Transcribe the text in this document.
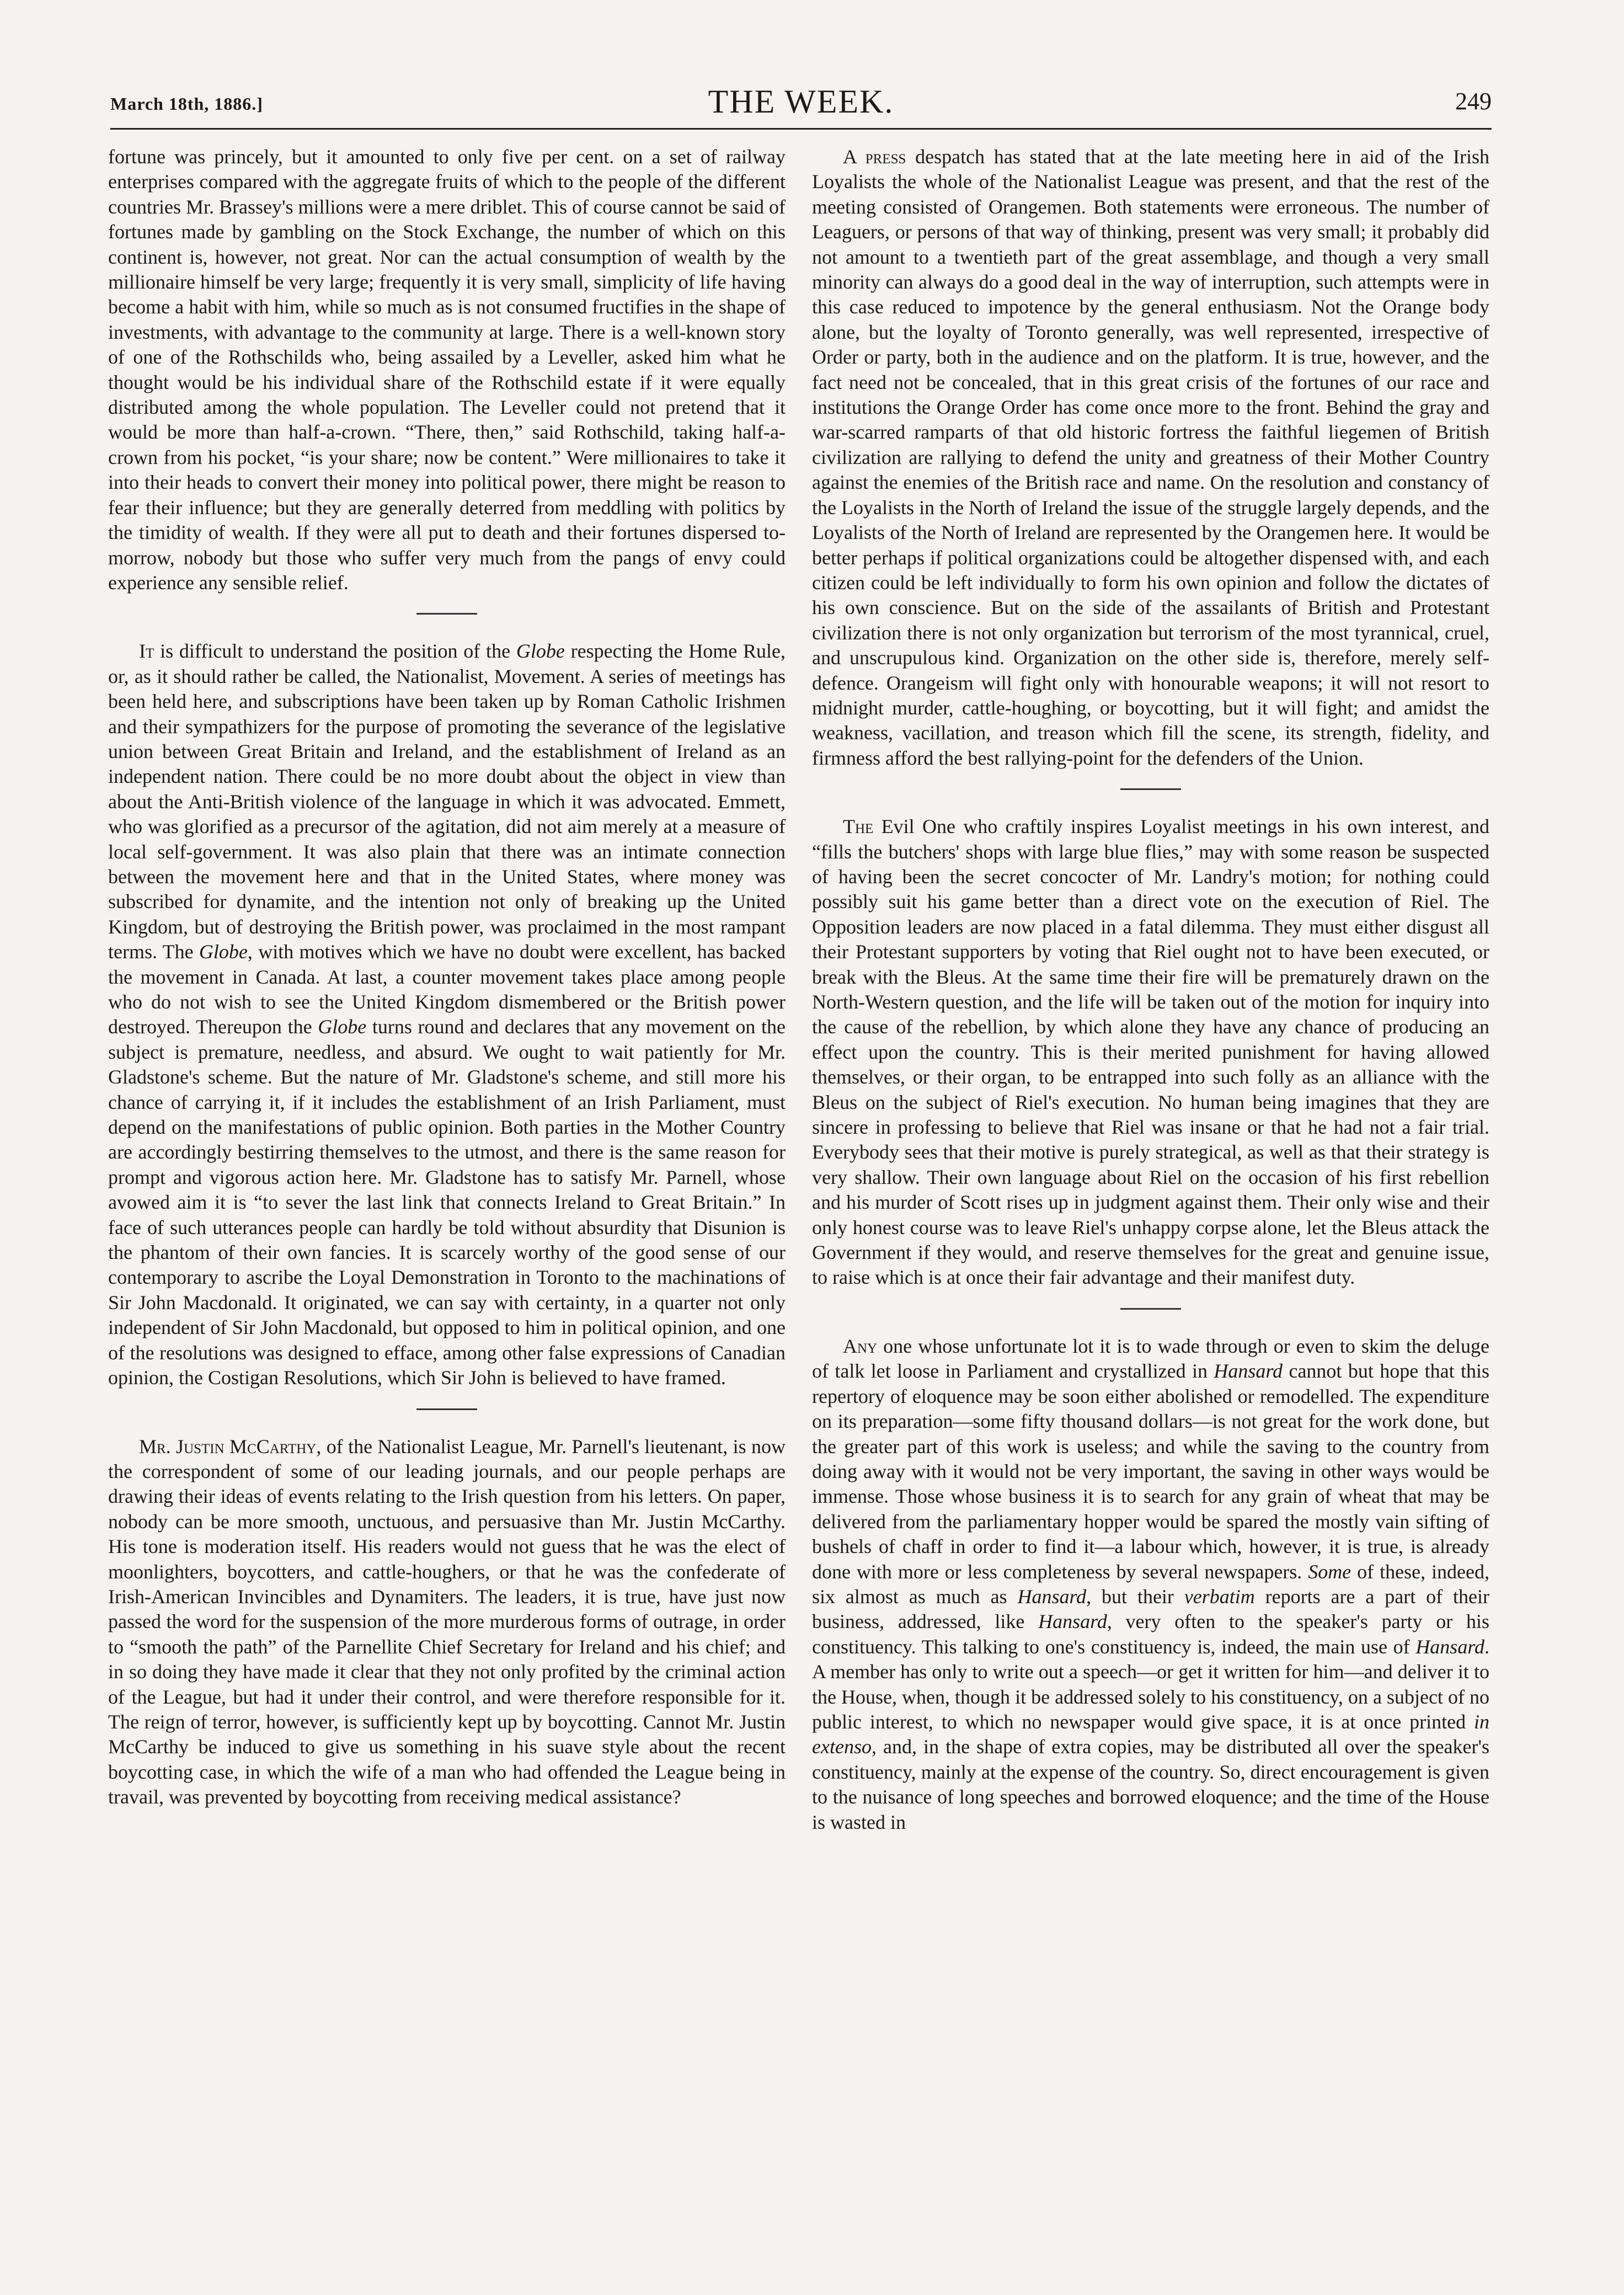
March 18th, 1886.]	THE WEEK.	249

fortune was princely, but it amounted to only five per cent. on a set of railway enterprises compared with the aggregate fruits of which to the people of the different countries Mr. Brassey's millions were a mere driblet. This of course cannot be said of fortunes made by gambling on the Stock Exchange, the number of which on this continent is, however, not great. Nor can the actual consumption of wealth by the millionaire himself be very large; frequently it is very small, simplicity of life having become a habit with him, while so much as is not consumed fructifies in the shape of investments, with advantage to the community at large. There is a well-known story of one of the Rothschilds who, being assailed by a Leveller, asked him what he thought would be his individual share of the Rothschild estate if it were equally distributed among the whole population. The Leveller could not pretend that it would be more than half-a-crown. “There, then,” said Rothschild, taking half-a-crown from his pocket, “is your share; now be content.” Were millionaires to take it into their heads to convert their money into political power, there might be reason to fear their influence; but they are generally deterred from meddling with politics by the timidity of wealth. If they were all put to death and their fortunes dispersed to-morrow, nobody but those who suffer very much from the pangs of envy could experience any sensible relief.

It is difficult to understand the position of the Globe respecting the Home Rule, or, as it should rather be called, the Nationalist, Movement. A series of meetings has been held here, and subscriptions have been taken up by Roman Catholic Irishmen and their sympathizers for the purpose of promoting the severance of the legislative union between Great Britain and Ireland, and the establishment of Ireland as an independent nation. There could be no more doubt about the object in view than about the Anti-British violence of the language in which it was advocated. Emmett, who was glorified as a precursor of the agitation, did not aim merely at a measure of local self-government. It was also plain that there was an intimate connection between the movement here and that in the United States, where money was subscribed for dynamite, and the intention not only of breaking up the United Kingdom, but of destroying the British power, was proclaimed in the most rampant terms. The Globe, with motives which we have no doubt were excellent, has backed the movement in Canada. At last, a counter movement takes place among people who do not wish to see the United Kingdom dismembered or the British power destroyed. Thereupon the Globe turns round and declares that any movement on the subject is premature, needless, and absurd. We ought to wait patiently for Mr. Gladstone's scheme. But the nature of Mr. Gladstone's scheme, and still more his chance of carrying it, if it includes the establishment of an Irish Parliament, must depend on the manifestations of public opinion. Both parties in the Mother Country are accordingly bestirring themselves to the utmost, and there is the same reason for prompt and vigorous action here. Mr. Gladstone has to satisfy Mr. Parnell, whose avowed aim it is “to sever the last link that connects Ireland to Great Britain.” In face of such utterances people can hardly be told without absurdity that Disunion is the phantom of their own fancies. It is scarcely worthy of the good sense of our contemporary to ascribe the Loyal Demonstration in Toronto to the machinations of Sir John Macdonald. It originated, we can say with certainty, in a quarter not only independent of Sir John Macdonald, but opposed to him in political opinion, and one of the resolutions was designed to efface, among other false expressions of Canadian opinion, the Costigan Resolutions, which Sir John is believed to have framed.

Mr. Justin McCarthy, of the Nationalist League, Mr. Parnell's lieutenant, is now the correspondent of some of our leading journals, and our people perhaps are drawing their ideas of events relating to the Irish question from his letters. On paper, nobody can be more smooth, unctuous, and persuasive than Mr. Justin McCarthy. His tone is moderation itself. His readers would not guess that he was the elect of moonlighters, boycotters, and cattle-houghers, or that he was the confederate of Irish-American Invincibles and Dynamiters. The leaders, it is true, have just now passed the word for the suspension of the more murderous forms of outrage, in order to “smooth the path” of the Parnellite Chief Secretary for Ireland and his chief; and in so doing they have made it clear that they not only profited by the criminal action of the League, but had it under their control, and were therefore responsible for it. The reign of terror, however, is sufficiently kept up by boycotting. Cannot Mr. Justin McCarthy be induced to give us something in his suave style about the recent boycotting case, in which the wife of a man who had offended the League being in travail, was prevented by boycotting from receiving medical assistance?

A press despatch has stated that at the late meeting here in aid of the Irish Loyalists the whole of the Nationalist League was present, and that the rest of the meeting consisted of Orangemen. Both statements were erroneous. The number of Leaguers, or persons of that way of thinking, present was very small; it probably did not amount to a twentieth part of the great assemblage, and though a very small minority can always do a good deal in the way of interruption, such attempts were in this case reduced to impotence by the general enthusiasm. Not the Orange body alone, but the loyalty of Toronto generally, was well represented, irrespective of Order or party, both in the audience and on the platform. It is true, however, and the fact need not be concealed, that in this great crisis of the fortunes of our race and institutions the Orange Order has come once more to the front. Behind the gray and war-scarred ramparts of that old historic fortress the faithful liegemen of British civilization are rallying to defend the unity and greatness of their Mother Country against the enemies of the British race and name. On the resolution and constancy of the Loyalists in the North of Ireland the issue of the struggle largely depends, and the Loyalists of the North of Ireland are represented by the Orangemen here. It would be better perhaps if political organizations could be altogether dispensed with, and each citizen could be left individually to form his own opinion and follow the dictates of his own conscience. But on the side of the assailants of British and Protestant civilization there is not only organization but terrorism of the most tyrannical, cruel, and unscrupulous kind. Organization on the other side is, therefore, merely self-defence. Orangeism will fight only with honourable weapons; it will not resort to midnight murder, cattle-houghing, or boycotting, but it will fight; and amidst the weakness, vacillation, and treason which fill the scene, its strength, fidelity, and firmness afford the best rallying-point for the defenders of the Union.

The Evil One who craftily inspires Loyalist meetings in his own interest, and “fills the butchers' shops with large blue flies,” may with some reason be suspected of having been the secret concocter of Mr. Landry's motion; for nothing could possibly suit his game better than a direct vote on the execution of Riel. The Opposition leaders are now placed in a fatal dilemma. They must either disgust all their Protestant supporters by voting that Riel ought not to have been executed, or break with the Bleus. At the same time their fire will be prematurely drawn on the North-Western question, and the life will be taken out of the motion for inquiry into the cause of the rebellion, by which alone they have any chance of producing an effect upon the country. This is their merited punishment for having allowed themselves, or their organ, to be entrapped into such folly as an alliance with the Bleus on the subject of Riel's execution. No human being imagines that they are sincere in professing to believe that Riel was insane or that he had not a fair trial. Everybody sees that their motive is purely strategical, as well as that their strategy is very shallow. Their own language about Riel on the occasion of his first rebellion and his murder of Scott rises up in judgment against them. Their only wise and their only honest course was to leave Riel's unhappy corpse alone, let the Bleus attack the Government if they would, and reserve themselves for the great and genuine issue, to raise which is at once their fair advantage and their manifest duty.

Any one whose unfortunate lot it is to wade through or even to skim the deluge of talk let loose in Parliament and crystallized in Hansard cannot but hope that this repertory of eloquence may be soon either abolished or remodelled. The expenditure on its preparation—some fifty thousand dollars—is not great for the work done, but the greater part of this work is useless; and while the saving to the country from doing away with it would not be very important, the saving in other ways would be immense. Those whose business it is to search for any grain of wheat that may be delivered from the parliamentary hopper would be spared the mostly vain sifting of bushels of chaff in order to find it—a labour which, however, it is true, is already done with more or less completeness by several newspapers. Some of these, indeed, six almost as much as Hansard, but their verbatim reports are a part of their business, addressed, like Hansard, very often to the speaker's party or his constituency. This talking to one's constituency is, indeed, the main use of Hansard. A member has only to write out a speech—or get it written for him—and deliver it to the House, when, though it be addressed solely to his constituency, on a subject of no public interest, to which no newspaper would give space, it is at once printed in extenso, and, in the shape of extra copies, may be distributed all over the speaker's constituency, mainly at the expense of the country. So, direct encouragement is given to the nuisance of long speeches and borrowed eloquence; and the time of the House is wasted in
